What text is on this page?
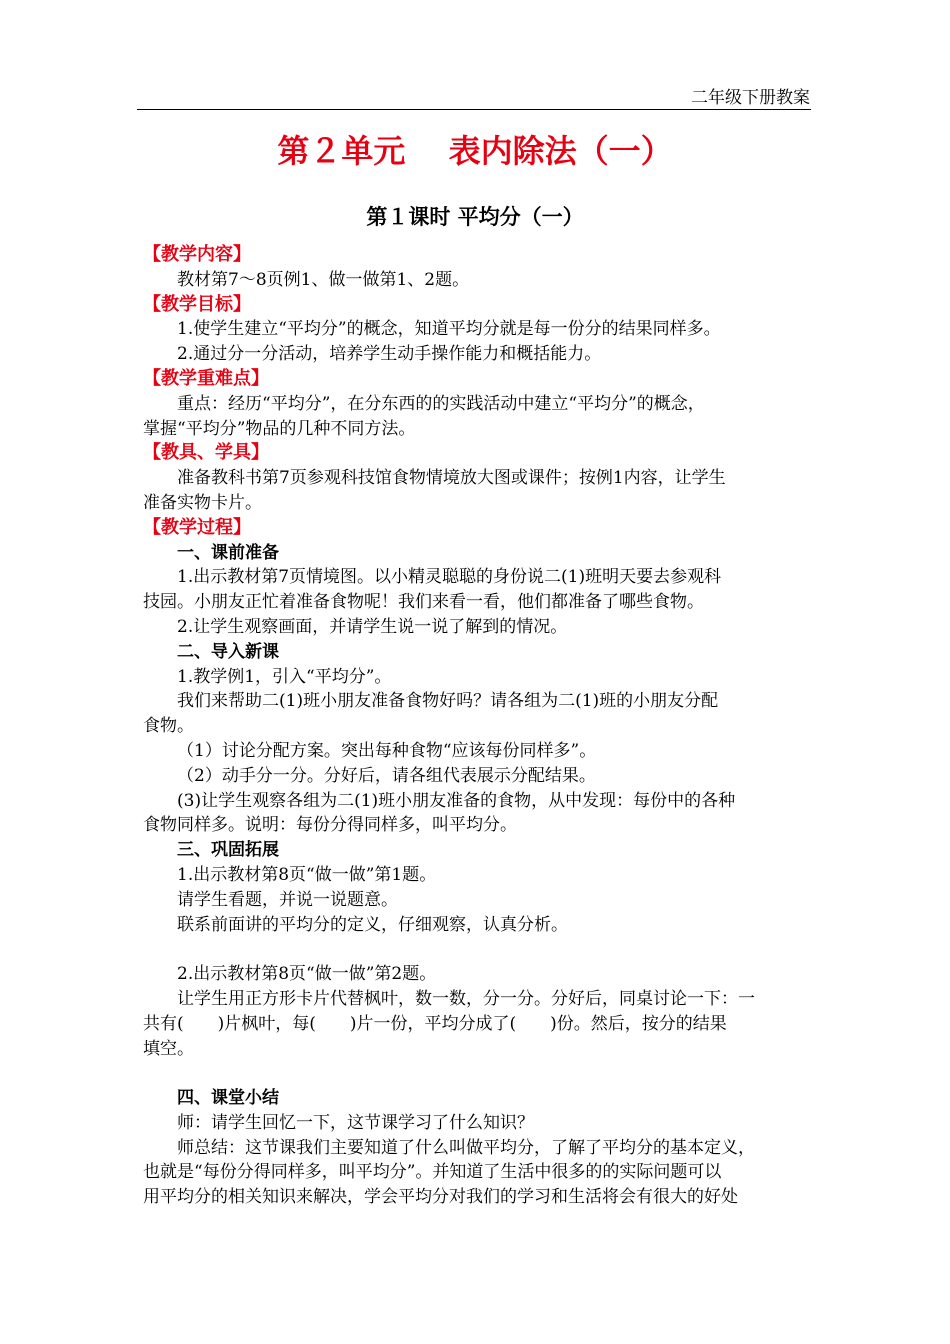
二年级下册教案
第２单元　 表内除法（一）
第１课时 平均分（一）
【教学内容】
教材第7～8页例1、做一做第1、2题。
【教学目标】
1.使学生建立“平均分”的概念，知道平均分就是每一份分的结果同样多。
2.通过分一分活动，培养学生动手操作能力和概括能力。
【教学重难点】
重点：经历“平均分”，在分东西的的实践活动中建立“平均分”的概念，
掌握“平均分”物品的几种不同方法。
【教具、学具】
准备教科书第7页参观科技馆食物情境放大图或课件；按例1内容，让学生
准备实物卡片。
【教学过程】
一、课前准备
1.出示教材第7页情境图。以小精灵聪聪的身份说二(1)班明天要去参观科
技园。小朋友正忙着准备食物呢！我们来看一看，他们都准备了哪些食物。
2.让学生观察画面，并请学生说一说了解到的情况。
二、导入新课
1.教学例1，引入“平均分”。
我们来帮助二(1)班小朋友准备食物好吗？请各组为二(1)班的小朋友分配
食物。
（1）讨论分配方案。突出每种食物“应该每份同样多”。
（2）动手分一分。分好后，请各组代表展示分配结果。
(3)让学生观察各组为二(1)班小朋友准备的食物，从中发现：每份中的各种
食物同样多。说明：每份分得同样多，叫平均分。
三、巩固拓展
1.出示教材第8页“做一做”第1题。
请学生看题，并说一说题意。
联系前面讲的平均分的定义，仔细观察，认真分析。
2.出示教材第8页“做一做”第2题。
让学生用正方形卡片代替枫叶，数一数，分一分。分好后，同桌讨论一下：一
共有(　　)片枫叶，每(　　)片一份，平均分成了(　　)份。然后，按分的结果
填空。
四、课堂小结
师：请学生回忆一下，这节课学习了什么知识？
师总结：这节课我们主要知道了什么叫做平均分，了解了平均分的基本定义，
也就是“每份分得同样多，叫平均分”。并知道了生活中很多的的实际问题可以
用平均分的相关知识来解决，学会平均分对我们的学习和生活将会有很大的好处
